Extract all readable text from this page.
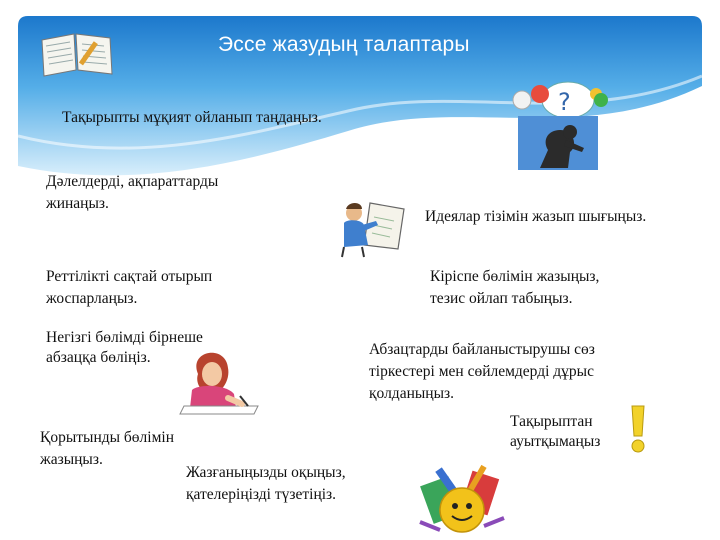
Эссе жазудың талаптары
Тақырыпты мұқият ойланып таңдаңыз.
?
Дәлелдерді, ақпараттарды
жинаңыз.
Идеялар тізімін жазып шығыңыз.
Реттілікті сақтай отырып
жоспарлаңыз.
Кіріспе бөлімін жазыңыз,
тезис ойлап табыңыз.
Негізгі бөлімді бірнеше
абзацқа бөліңіз.	Абзацтарды байланыстырушы сөз
тіркестері мен сөйлемдерді дұрыс
қолданыңыз.
Тақырыптан
ауытқымаңыз
Қорытынды бөлімін
жазыңыз.
Жазғаныңызды оқыңыз,
қателеріңізді түзетіңіз.
